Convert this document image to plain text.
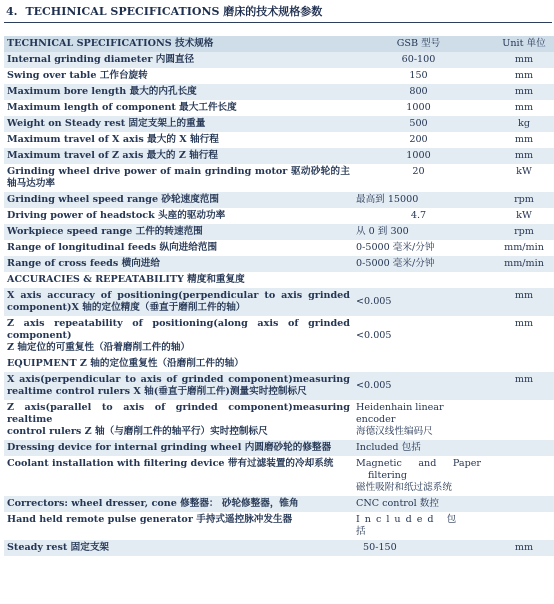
4. TECHINICAL SPECIFICATIONS 磨床的技术规格参数
TECHNICAL SPECIFICATIONS 技术规格	GSB 型号	Unit 单位
Internal grinding diameter 内圆直径	60-100	mm
Swing over table 工作台旋转	150	mm
Maximum bore length 最大的内孔长度	800	mm
Maximum length of component 最大工件长度	1000	mm
Weight on Steady rest 固定支架上的重量	500	kg
Maximum travel of X axis 最大的 X 轴行程	200	mm
Maximum travel of Z axis 最大的 Z 轴行程	1000	mm

Grinding wheel drive power of main grinding motor 驱动砂轮的主
轴马达功率	20	kW
Grinding wheel speed range 砂轮速度范围	最高到 15000	rpm
Driving power of headstock 头座的驱动功率	4.7	kW
Workpiece speed range 工件的转速范围	从 0 到 300	rpm
Range of longitudinal feeds 纵向进给范围	0-5000 毫米/分钟	mm/min
Range of cross feeds 横向进给	0-5000 毫米/分钟	mm/min
ACCURACIES & REPEATABILITY 精度和重复度		

X axis accuracy of positioning(perpendicular to axis grinded
component)X 轴的定位精度（垂直于磨削工件的轴）	<0.005	mm

Z axis repeatability of positioning(along axis of grinded
component)
Z 轴定位的可重复性（沿着磨削工件的轴）	<0.005	mm
EQUIPMENT Z 轴的定位重复性（沿磨削工件的轴）		

X axis(perpendicular to axis of grinded component)measuring
realtime control rulers X 轴(垂直于磨削工件)测量实时控制标尺	<0.005	mm

Z axis(parallel to axis of grinded component)measuring realtime
control rulers Z 轴（与磨削工件的轴平行）实时控制标尺	Heidenhain linear encoder
海德汉线性编码尺	
Dressing device for internal grinding wheel 内圆磨砂轮的修整器	Included 包括	
Coolant installation with filtering device 带有过滤装置的冷却系统	Magnetic and Paper
filtering
磁性吸附和纸过滤系统	
Correctors: wheel dresser, cone 修整器： 砂轮修整器，锥角	CNC control 数控	
Hand held remote pulse generator 手持式遥控脉冲发生器	Included 包 括	
Steady rest 固定支架	50-150	mm
